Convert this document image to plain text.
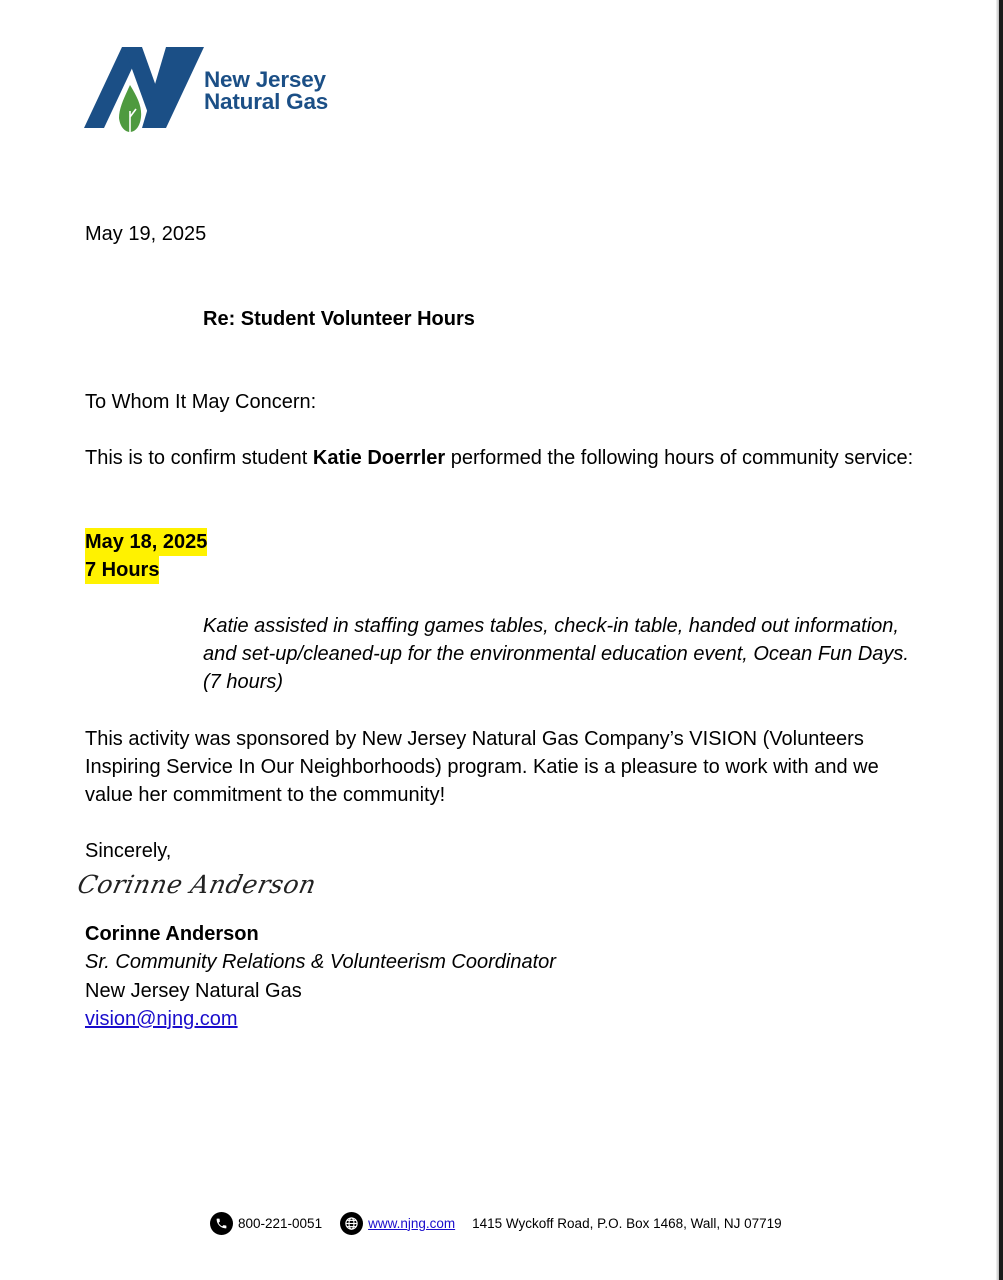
New Jersey
Natural Gas
May 19, 2025
Re: Student Volunteer Hours
To Whom It May Concern:
This is to confirm student Katie Doerrler performed the following hours of community service:
May 18, 2025
7 Hours
Katie assisted in staffing games tables, check-in table, handed out information, and set-up/cleaned-up for the environmental education event, Ocean Fun Days. (7 hours)
This activity was sponsored by New Jersey Natural Gas Company’s VISION (Volunteers Inspiring Service In Our Neighborhoods) program. Katie is a pleasure to work with and we value her commitment to the community!
Sincerely,
Corinne Anderson
Corinne Anderson
Sr. Community Relations & Volunteerism Coordinator
New Jersey Natural Gas
vision@njng.com
800-221-0051	www.njng.com 1415 Wyckoff Road, P.O. Box 1468, Wall, NJ 07719
